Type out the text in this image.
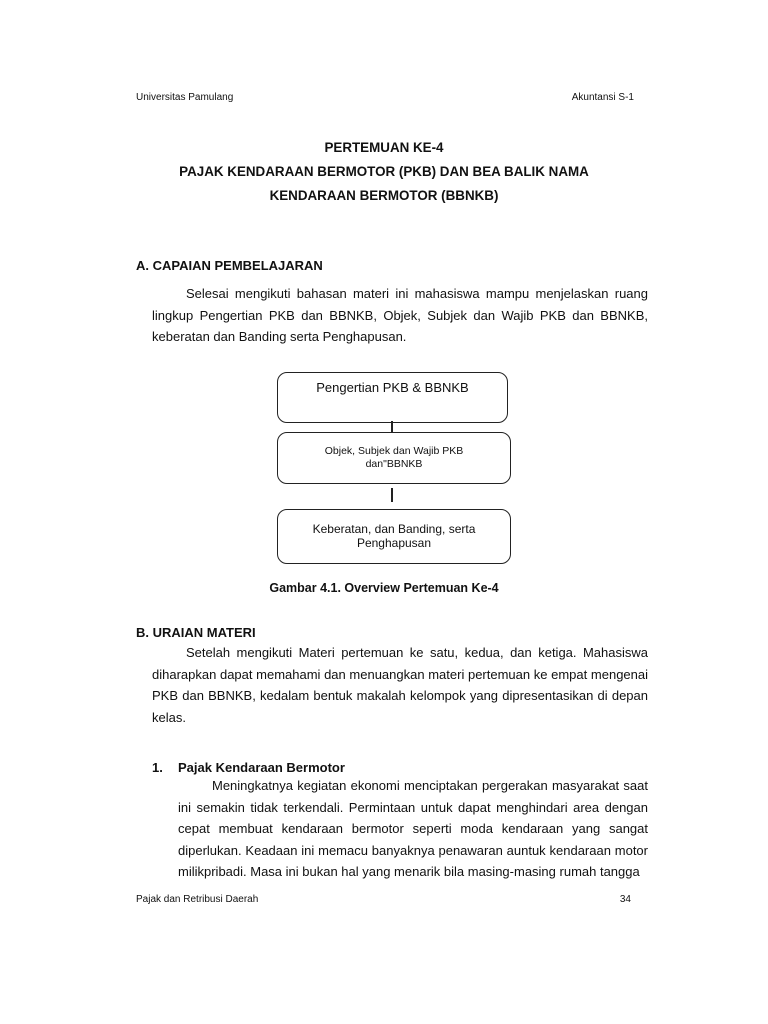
Universitas Pamulang	Akuntansi S-1
PERTEMUAN KE-4
PAJAK KENDARAAN BERMOTOR (PKB) DAN BEA BALIK NAMA
KENDARAAN BERMOTOR (BBNKB)
A. CAPAIAN PEMBELAJARAN
Selesai mengikuti bahasan materi ini mahasiswa mampu menjelaskan ruang lingkup Pengertian PKB dan BBNKB, Objek, Subjek dan Wajib PKB dan BBNKB, keberatan dan Banding serta Penghapusan.
Pengertian PKB & BBNKB
Objek, Subjek dan Wajib PKB
dan"BBNKB
Keberatan, dan Banding, serta
Penghapusan
Gambar 4.1. Overview Pertemuan Ke-4
B. URAIAN MATERI
Setelah mengikuti Materi pertemuan ke satu, kedua, dan ketiga. Mahasiswa diharapkan dapat memahami dan menuangkan materi pertemuan ke empat mengenai PKB dan BBNKB, kedalam bentuk makalah kelompok yang dipresentasikan di depan kelas.
1. Pajak Kendaraan Bermotor
Meningkatnya kegiatan ekonomi menciptakan pergerakan masyarakat saat ini semakin tidak terkendali. Permintaan untuk dapat menghindari area dengan cepat membuat kendaraan bermotor seperti moda kendaraan yang sangat diperlukan. Keadaan ini memacu banyaknya penawaran auntuk kendaraan motor milikpribadi. Masa ini bukan hal yang menarik bila masing-masing rumah tangga
Pajak dan Retribusi Daerah	34
